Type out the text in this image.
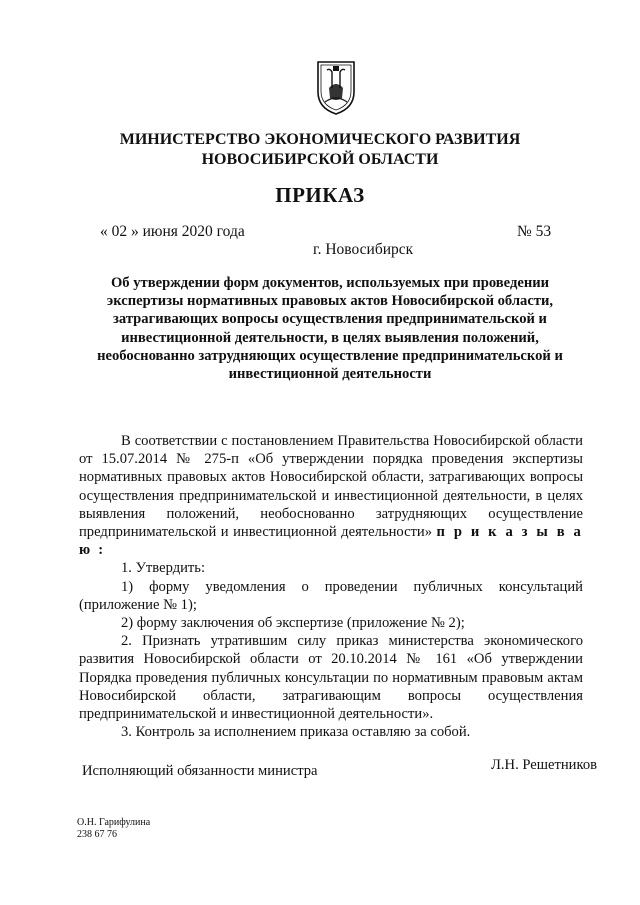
МИНИСТЕРСТВО ЭКОНОМИЧЕСКОГО РАЗВИТИЯ
НОВОСИБИРСКОЙ ОБЛАСТИ
ПРИКАЗ
« 02 » июня 2020 года	№ 53
г. Новосибирск
Об утверждении форм документов, используемых при проведении экспертизы нормативных правовых актов Новосибирской области, затрагивающих вопросы осуществления предпринимательской и инвестиционной деятельности, в целях выявления положений, необоснованно затрудняющих осуществление предпринимательской и инвестиционной деятельности

В соответствии с постановлением Правительства Новосибирской области от 15.07.2014 № 275-п «Об утверждении порядка проведения экспертизы нормативных правовых актов Новосибирской области, затрагивающих вопросы осуществления предпринимательской и инвестиционной деятельности, в целях выявления положений, необоснованно затрудняющих осуществление предпринимательской и инвестиционной деятельности» п р и к а з ы в а ю :

1. Утвердить:

1) форму уведомления о проведении публичных консультаций (приложение № 1);

2) форму заключения об экспертизе (приложение № 2);

2. Признать утратившим силу приказ министерства экономического развития Новосибирской области от 20.10.2014 № 161 «Об утверждении Порядка проведения публичных консультации по нормативным правовым актам Новосибирской области, затрагивающим вопросы осуществления предпринимательской и инвестиционной деятельности».

3. Контроль за исполнением приказа оставляю за собой.

Исполняющий обязанности министра	Л.Н. Решетников
О.Н. Гарифулина
238 67 76
